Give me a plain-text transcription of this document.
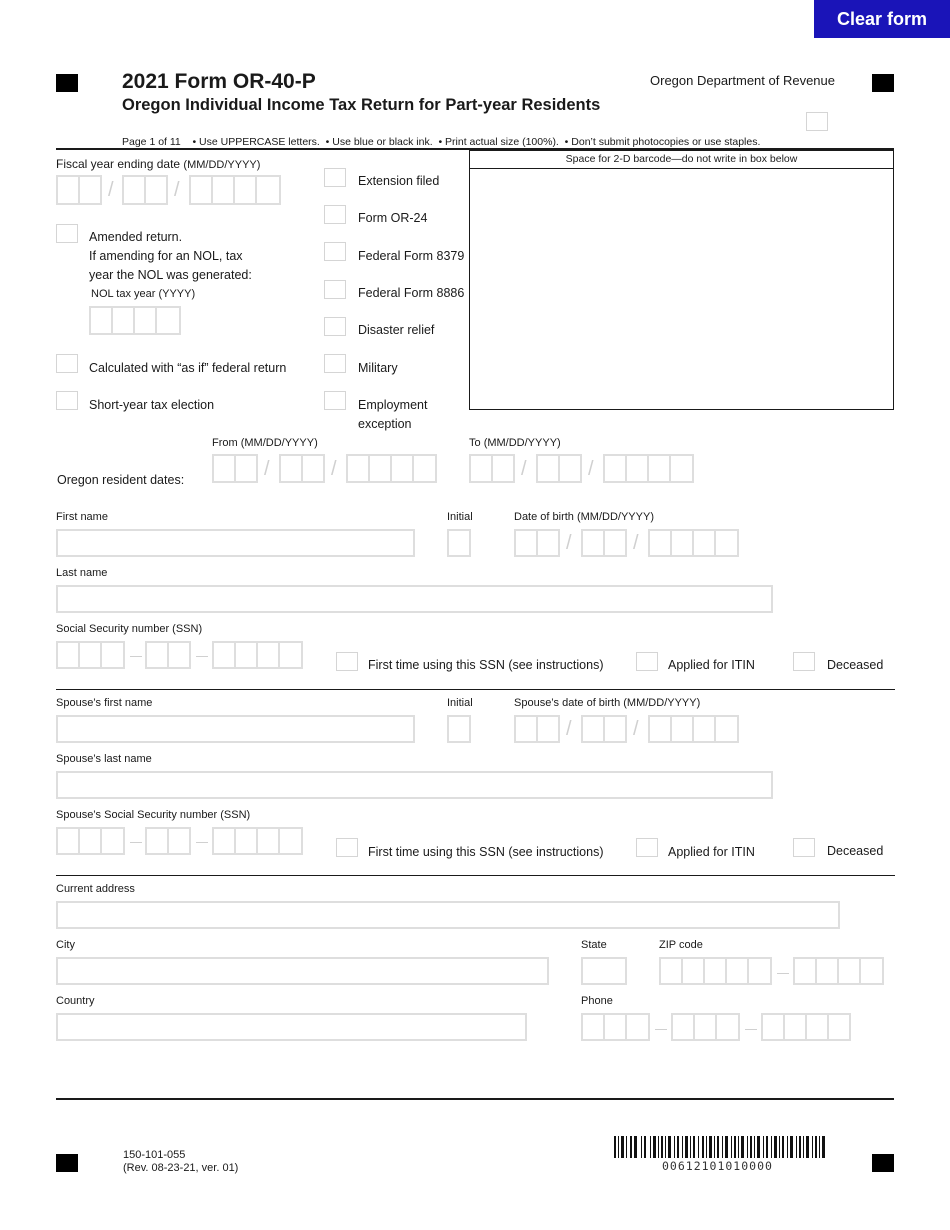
Clear form
2021 Form OR-40-P
Oregon Individual Income Tax Return for Part-year Residents
Oregon Department of Revenue
Page 1 of 11    • Use UPPERCASE letters.  • Use blue or black ink.  • Print actual size (100%).  • Don’t submit photocopies or use staples.
Fiscal year ending date (MM/DD/YYYY)
/	/
Amended return.
If amending for an NOL, tax
year the NOL was generated:
NOL tax year (YYYY)
Calculated with “as if” federal return
Short-year tax election
Extension filed
Form OR-24
Federal Form 8379
Federal Form 8886
Disaster relief
Military
Employment
exception
Space for 2-D barcode—do not write in box below
From (MM/DD/YYYY)	To (MM/DD/YYYY)
Oregon resident dates:	/	/	/	/
First name	Initial	Date of birth (MM/DD/YYYY)
/	/
Last name
Social Security number (SSN)
First time using this SSN (see instructions)	Applied for ITIN	Deceased
Spouse’s first name	Initial	Spouse’s date of birth (MM/DD/YYYY)
/	/
Spouse’s last name
Spouse’s Social Security number (SSN)
First time using this SSN (see instructions)	Applied for ITIN	Deceased
Current address
City	State	ZIP code
Country	Phone
150-101-055
(Rev. 08-23-21, ver. 01)	00612101010000
